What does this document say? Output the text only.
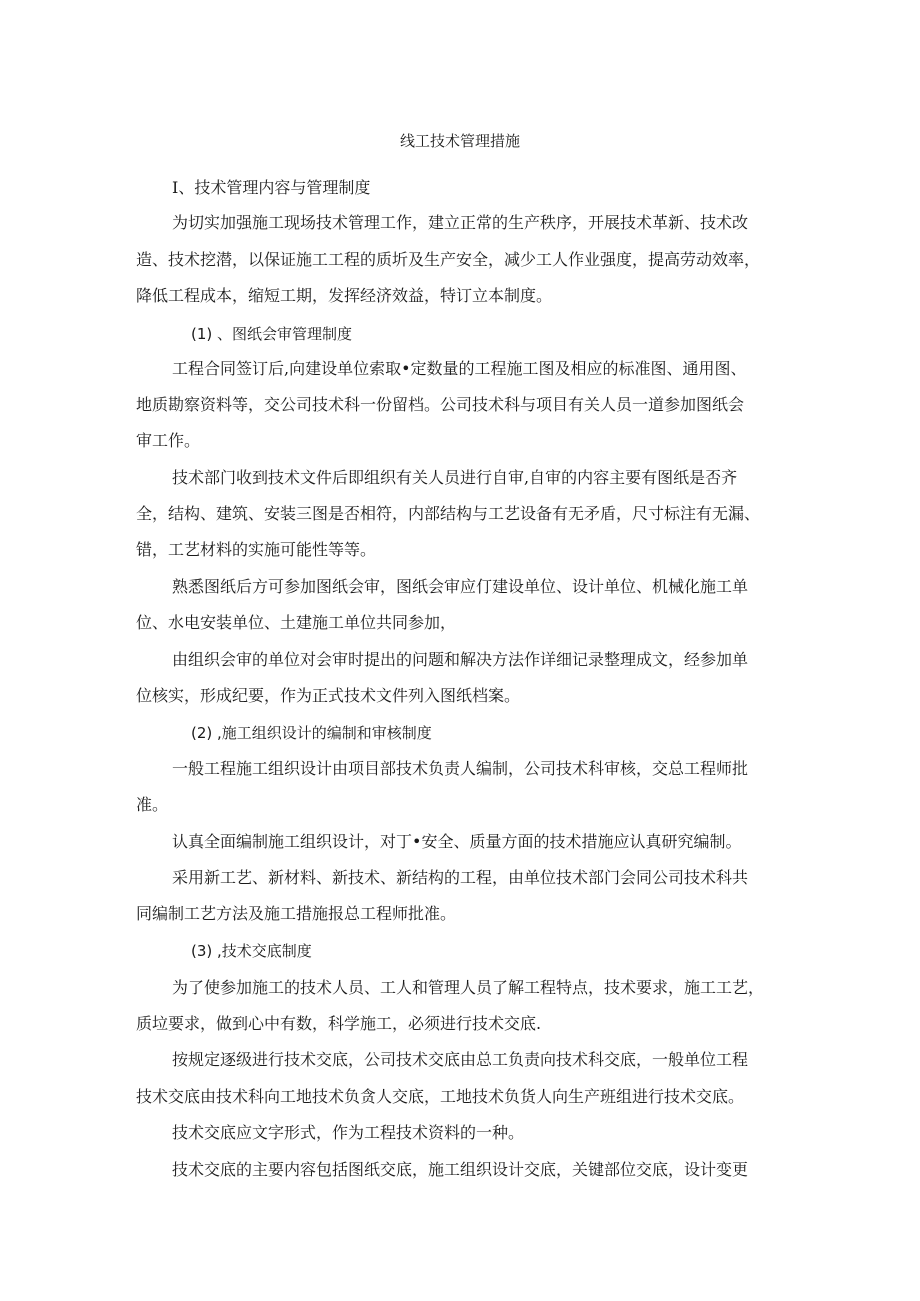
线工技术管理措施
I、技术管理内容与管理制度
为切实加强施工现场技术管理工作，建立正常的生产秩序，开展技术革新、技术改
造、技术挖潜，以保证施工工程的质圻及生产安全，减少工人作业强度，提高劳动效率，
降低工程成本，缩短工期，发挥经济效益，特订立本制度。
(1) 、图纸会审管理制度
工程合同签订后,向建设单位索取•定数量的工程施工图及相应的标准图、通用图、
地质勘察资料等，交公司技术科一份留档。公司技术科与项目有关人员一道参加图纸会
审工作。
技术部门收到技术文件后即组织有关人员进行自审,自审的内容主要有图纸是否齐
全，结构、建筑、安装三图是否相符，内部结构与工艺设备有无矛盾，尺寸标注有无漏、
错，工艺材料的实施可能性等等。
熟悉图纸后方可参加图纸会审，图纸会审应仃建设单位、设计单位、机械化施工单
位、水电安装单位、土建施工单位共同参加，
由组织会审的单位对会审时提出的问题和解决方法作详细记录整理成文，经参加单
位核实，形成纪要，作为正式技术文件列入图纸档案。
(2) ,施工组织设计的编制和审核制度
一般工程施工组织设计由项目部技术负责人编制，公司技术科审核，交总工程师批
准。
认真全面编制施工组织设计，对丁•安全、质量方面的技术措施应认真研究编制。
采用新工艺、新材料、新技术、新结构的工程，由单位技术部门会同公司技术科共
同编制工艺方法及施工措施报总工程师批准。
(3) ,技术交底制度
为了使参加施工的技术人员、工人和管理人员了解工程特点，技术要求，施工工艺，
质垃要求，做到心中有数，科学施工，必须进行技术交底.
按规定逐级进行技术交底，公司技术交底由总工负责向技术科交底，一般单位工程
技术交底由技术科向工地技术负贪人交底，工地技术负货人向生产班组进行技术交底。
技术交底应文字形式，作为工程技术资料的一种。
技术交底的主要内容包括图纸交底，施工组织设计交底，关键部位交底，设计变更
